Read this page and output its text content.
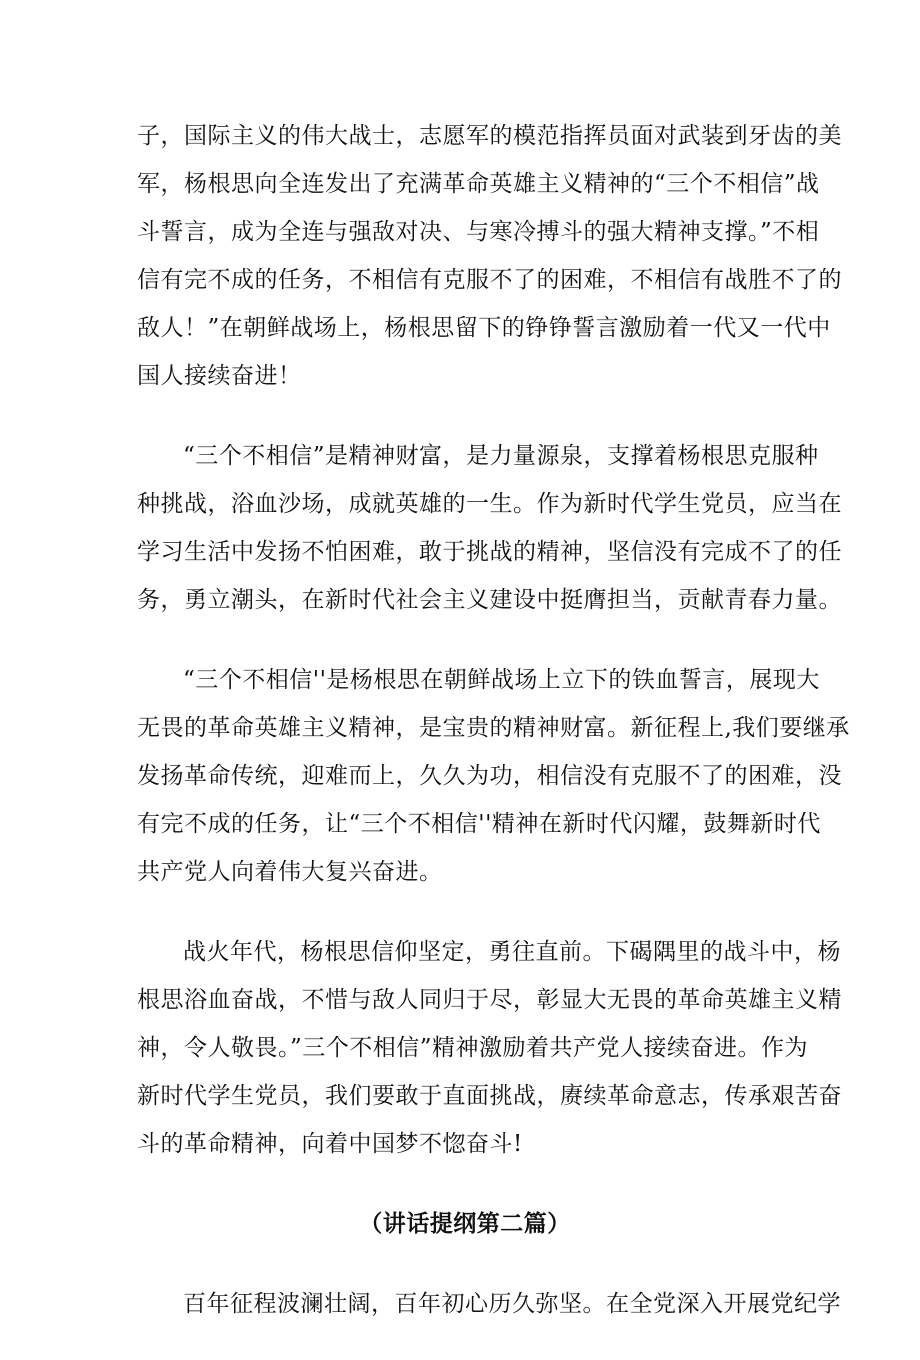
子，国际主义的伟大战士，志愿军的模范指挥员面对武装到牙齿的美
军，杨根思向全连发出了充满革命英雄主义精神的“三个不相信”战
斗誓言，成为全连与强敌对决、与寒冷搏斗的强大精神支撑。”不相
信有完不成的任务，不相信有克服不了的困难，不相信有战胜不了的
敌人！”在朝鲜战场上，杨根思留下的铮铮誓言激励着一代又一代中
国人接续奋进！
“三个不相信”是精神财富，是力量源泉，支撑着杨根思克服种
种挑战，浴血沙场，成就英雄的一生。作为新时代学生党员，应当在
学习生活中发扬不怕困难，敢于挑战的精神，坚信没有完成不了的任
务，勇立潮头，在新时代社会主义建设中挺膺担当，贡献青春力量。
“三个不相信''是杨根思在朝鲜战场上立下的铁血誓言，展现大
无畏的革命英雄主义精神，是宝贵的精神财富。新征程上,我们要继承
发扬革命传统，迎难而上，久久为功，相信没有克服不了的困难，没
有完不成的任务，让“三个不相信''精神在新时代闪耀，鼓舞新时代
共产党人向着伟大复兴奋进。
战火年代，杨根思信仰坚定，勇往直前。下碣隅里的战斗中，杨
根思浴血奋战，不惜与敌人同归于尽，彰显大无畏的革命英雄主义精
神，令人敬畏。”三个不相信”精神激励着共产党人接续奋进。作为
新时代学生党员，我们要敢于直面挑战，赓续革命意志，传承艰苦奋
斗的革命精神，向着中国梦不惚奋斗!
（讲话提纲第二篇）
百年征程波澜壮阔，百年初心历久弥坚。在全党深入开展党纪学
